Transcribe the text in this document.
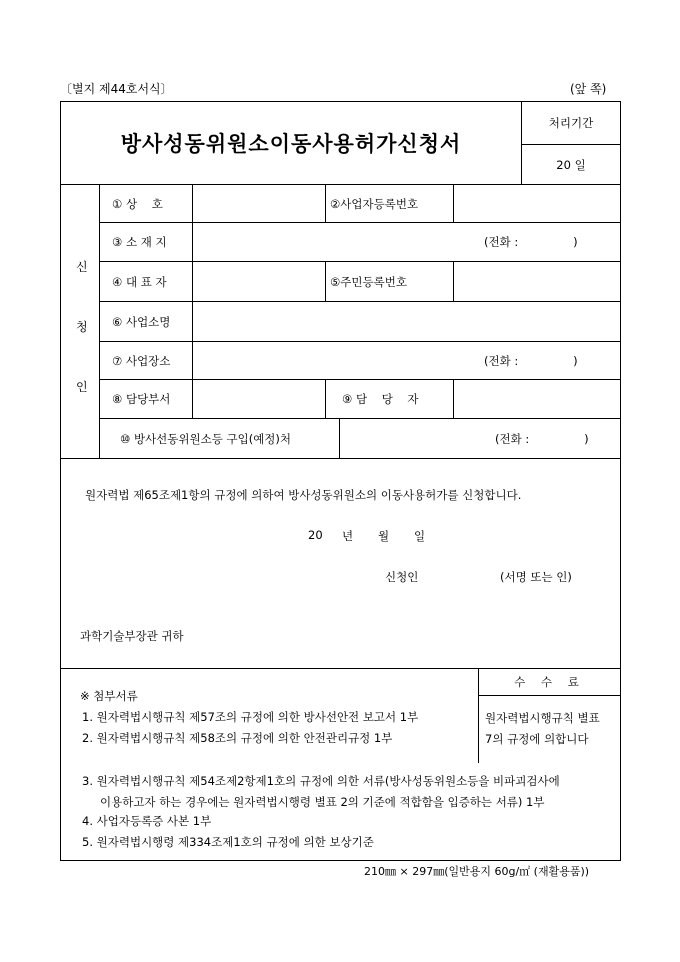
〔별지 제44호서식〕	(앞 쪽)
방사성동위원소이동사용허가신청서
처리기간
20 일
신
청
인
① 상    호	②사업자등록번호
③ 소 재 지	(전화 :               )
④ 대 표 자	⑤주민등록번호
⑥ 사업소명
⑦ 사업장소	(전화 :               )
⑧ 담당부서	⑨ 담    당    자
⑩ 방사선동위원소등 구입(예정)처	(전화 :               )
원자력법 제65조제1항의 규정에 의하여 방사성동위원소의 이동사용허가를 신청합니다.
20 년 월 일
신청인	(서명 또는 인)
과학기술부장관 귀하
※ 첨부서류
1. 원자력법시행규칙 제57조의 규정에 의한 방사선안전 보고서 1부
2. 원자력법시행규칙 제58조의 규정에 의한 안전관리규정 1부
3. 원자력법시행규칙 제54조제2항제1호의 규정에 의한 서류(방사성동위원소등을 비파괴검사에
이용하고자 하는 경우에는 원자력법시행령 별표 2의 기준에 적합함을 입증하는 서류) 1부
4. 사업자등록증 사본 1부
5. 원자력법시행령 제334조제1호의 규정에 의한 보상기준
수 수 료
원자력법시행규칙 별표
7의 규정에 의합니다
210㎜ × 297㎜(일반용지 60g/㎡ (재활용품))
